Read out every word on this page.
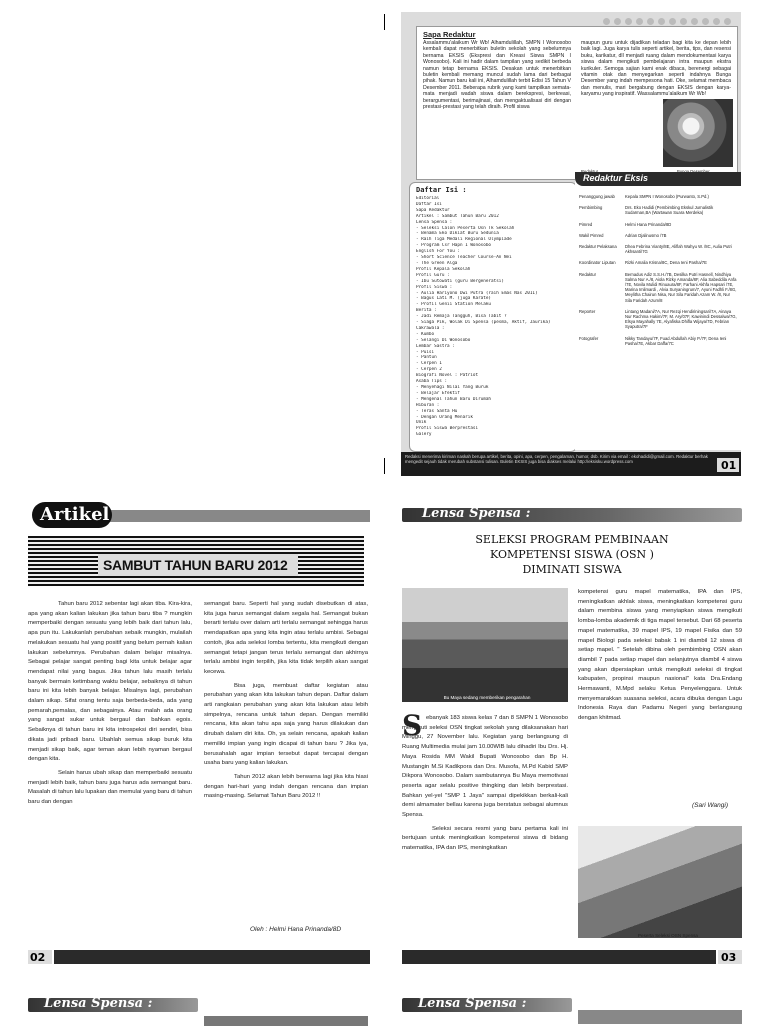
Sapa Redaktur
Assalammu'alaikum Wr Wb! Alhamdulillah, SMPN I Wonosobo kembali dapat menerbitkan buletin sekolah yang sebelumnya bernama EKSIS (Ekspresi dan Kreasi Siswa SMPN I Wonosobo). Kali ini hadir dalam tampilan yang sedikit berbeda namun tetap bernama EKSIS. Desakan untuk menerbitkan buletin kembali memang muncul sudah lama dari berbagai pihak. Namun baru kali ini, Alhamdulillah terbit Edisi 15 Tahun V Desember 2011. Beberapa rubrik yang kami tampilkan semata-mata menjadi wadah siswa dalam berekspresi, berkreasi, berargumentasi, berimajinasi, dan mengaktualisasi diri dengan prestasi-prestasi yang telah diraih. Profil siswa
maupun guru untuk dijadikan teladan bagi kita ke depan lebih baik lagi. Juga karya tulis seperti artikel, berita, tips, dan resensi buku, karikatur, dll menjadi ruang dalam mendokumentasi karya siswa dalam mengikuti pembelajaran intra maupun ekstra kurikuler. Semoga sajian kami enak dibaca, berenergi sebagai vitamin otak dan menyegarkan seperti indahnya Bunga Desember yang indah mempesona hati. Oke, selamat membaca dan menulis, mari bergabung dengan EKSIS dengan karya-karyamu yang inspiratif. Wassalammu'alaikum Wr Wb!
Daftar Isi :
Editorial
Daftar Isi
Sapa Redaktur
Artikel : Sambut Tahun Baru 2012
Lensa Spensa :
- Seleksi Calon Peserta Osn Tk Sekolah
- Benama Eko Dikiat Buru Sedunia
- Raih Tiga Medali Regional Olympiade
- Program Csr Hapn 1 Wonosobo
English For You :
- Short Science Teacher Course-An Nei
- The Green Alga
Profil Kepala Sekolah
Profil Guru :
- Ibu Sutowati (guru Bergeneratsi)
Profil Siswa :
- Aulia Hariyono Dwi Putra (raih Emas Nas 2011)
- Bagus Lati M. (juga Karate)
- Profil Genii Station Melaku
Berita :
- Jadi Remaja Tangguh, Bisa Tabit ?
- Siaga Pik, Wolak Di Spensa (pesma, Aktif, Jaurika)
Cakrawala :
- Kumbo
- Selangi Di Wonosobo
Lembar Sastra :
- Puisi
- Pantun
- Cerpen 1
- Cerpen 2
Biografi Novel : Patriot
Asaba Tips :
- Menyehagi Nilai Yang Buruk
- Belajar Efektif
- Mengenal Tahun Baru Dirumah
Hiburan :
- Teras Santa Hu
- Dengan Orang Menarik
Unik
Profil Siswa Berprestasi
Galery
Redaktur Eksis
Penanggung jawab	Kepala SMPN I Wonosobo (Purwanto, S.Pd.)
Pembimbing	Drs. Eko Hadidi (Pembimbing Ekskul Jurnalistik Sudarman,BA (Wartawan Suara Merdeka)
Pimred	Helmi Hana Prinanda/8D
Wakil Pimred	Adrian Djalinusmo /7B
Redaktur Pelaksana	Dhea Febrina Vianty/8E, Aliflah Wahyu W. /8C, Aulia Putri Akhsanti/7G
Koordinator Liputan	Rizki Amalia Krisna/8C, Dena Ieni Pasha/7E
Redaktur	Bernadus Adiz S.S.H./7B, Desilka Putri Hasnell, Nindhiya Salma Nur A./8, Aiola Rizky Amanda/8F, Alia Sabeddila Anfa /7E, Novila Mulidi Rinuaura/8F, Farhani Akhfa Hapsari /7E, Marina Imlimardi , Alvia Suryaningrum/7, Ayuni Fadhli F./8G, Meylitha Chairun Nisa, Nur Sila Faridah Azam W. /8, Nur Sila Faridah Azum/8
Reporter	Lintang Madani/7A, Nur Rezqi Hendiriningsari/7A, Ainaya Nur Rachma Hakim/7F, M. Ary/07F, Kawinindi Dessalwa/7G, Elsya Mayahally 7E, Alyafiska Dhifla Wijaya/7D, Febrian Syaputra/7F
Fotografer	Nikky Tandayu/7F, Fuad Abdullah Abiy P./7F, Dena Ieni Pasha/7E, Akbar Daffa/7C
Redaksi menerima kiriman naskah berupa artikel, berita, opini, apa, cerpen, pengalaman, humor, dsb. Kirim via email : ekohadidi@gmail.com. Redaktur berhak mengedit sejauh tidak merubah substansi tulisan. Buletin EKSIS juga bisa diakses melalui http://eksisku.wordpress.com	01
Artikel
SAMBUT TAHUN BARU 2012

Tahun baru 2012 sebentar lagi akan tiba. Kira-kira, apa yang akan kalian lakukan jika tahun baru tiba ? mungkin memperbaiki dengan sesuatu yang lebih baik dari tahun lalu, apa pun itu. Lakukanlah perubahan sebaik mungkin, mulailah melakukan sesuatu hal yang positif yang belum pernah kalian lakukan sebelumnya. Perubahan dalam belajar misalnya. Sebagai pelajar sangat penting bagi kita untuk belajar agar mendapat nilai yang bagus. Jika tahun lalu masih terlalu banyak bermain ketimbang waktu belajar, sebaiknya di tahun baru ini kita lebih banyak belajar. Misalnya lagi, perubahan dalam sikap. Sifat orang tentu saja berbeda-beda, ada yang pemarah,pemalas, dan sebagainya. Atau malah ada orang yang sangat sukar untuk bergaul dan bahkan egois. Sebaiknya di tahun baru ini kita introspeksi diri sendiri, bisa dikata jadi pribadi baru. Ubahlah semua sikap buruk kita menjadi sikap baik, agar teman akan lebih nyaman bergaul dengan kita.

Selain harus ubah sikap dan memperbaiki sesuatu menjadi lebih baik, tahun baru juga harus ada semangat baru. Masalah di tahun lalu lupakan dan memulai yang baru di tahun baru dan dengan

semangat baru. Seperti hal yang sudah disebutkan di atas, kita juga harus semangat dalam segala hal. Semangat bukan berarti terlalu over dalam arti terlalu semangat sehingga harus mendapatkan apa yang kita ingin atau terlalu ambisi. Sebagai contoh, jika ada seleksi lomba tertentu, kita mengikuti dengan semangat tetapi jangan terus terlalu semangat dan akhirnya terlalu ambisi ingin terpilih, jika kita tidak terpilih akan sangat kecewa.

Bisa juga, membuat daftar kegiatan atau perubahan yang akan kita lakukan tahun depan. Daftar dalam arti rangkaian perubahan yang akan kita lakukan atau lebih simpelnya, rencana untuk tahun depan. Dengan memiliki rencana, kita akan tahu apa saja yang harus dilakukan dan dirubah dalam diri kita. Oh, ya selain rencana, apakah kalian memiliki impian yang ingin dicapai di tahun baru ? Jika iya, berusahalah agar impian tersebut dapat tercapai dengan usaha baru yang kalian lakukan.

Tahun 2012 akan lebih berwarna lagi jika kita hiasi dengan hari-hari yang indah dengan rencana dan impian masing-masing. Selamat Tahun Baru 2012 !!

Oleh : Helmi Hana Prinanda/8D
02
Lensa Spensa :
SELEKSI PROGRAM PEMBINAAN
KOMPETENSI SISWA (OSN )
DIMINATI SISWA
Bu Maya sedang memberikan pengarahan
S ebanyak 183 siswa kelas 7 dan 8 SMPN 1 Wonosobo mengikuti seleksi OSN tingkat sekolah yang dilaksanakan hari Minggu, 27 November lalu. Kegiatan yang berlangsung di Ruang Multimedia mulai jam 10.00WIB lalu dihadiri Ibu Drs. Hj. Maya Rosida MM Wakil Bupati Wonosobo dan Bp H. Mustangin M.Si Kadikpora dan Drs. Musofa, M.Pd Kabid SMP Dikpora Wonosobo. Dalam sambutannya Bu Maya memotivasi peserta agar selalu positive thingking dan lebih berprestasi. Bahkan yel-yel "SMP 1 Jaya" sampai dipekikkan berkali-kali demi almamater bellau karena juga berstatus sebagai alumnus Spensa.

Seleksi secara resmi yang baru pertama kali ini bertujuan untuk meningkatkan kompetensi siswa di bidang matematika, IPA dan IPS, meningkatkan

kompetensi guru mapel matematika, IPA dan IPS, meningkatkan akhlak siswa, meningkatkan kompetensi guru dalam membina siswa yang menyiapkan siswa mengikuti lomba-lomba akademik di tiga mapel tersebut. Dari 68 peserta mapel matematika, 39 mapel IPS, 19 mapel Fisika dan 59 mapel Biologi pada seleksi babak 1 ini diambil 12 siswa di setiap mapel. " Setelah dibina oleh pembimbing OSN akan diambil 7 pada setiap mapel dan selanjutnya diambil 4 siswa yang akan dipersiapkan untuk mengikuti seleksi di tingkat kabupaten, propinsi maupun nasional" kata Dra.Endang Hermawanti, M.Mpd selaku Ketua Penyelenggara. Untuk menyemarakkan suasana seleksi, acara dibuka dengan Lagu Indonesia Raya dan Padamu Negeri yang berlangsung dengan khitmad.

(Sari Wangi)
Peserta Seleksi OSN Spensa
03
Lensa Spensa :	Lensa Spensa :
